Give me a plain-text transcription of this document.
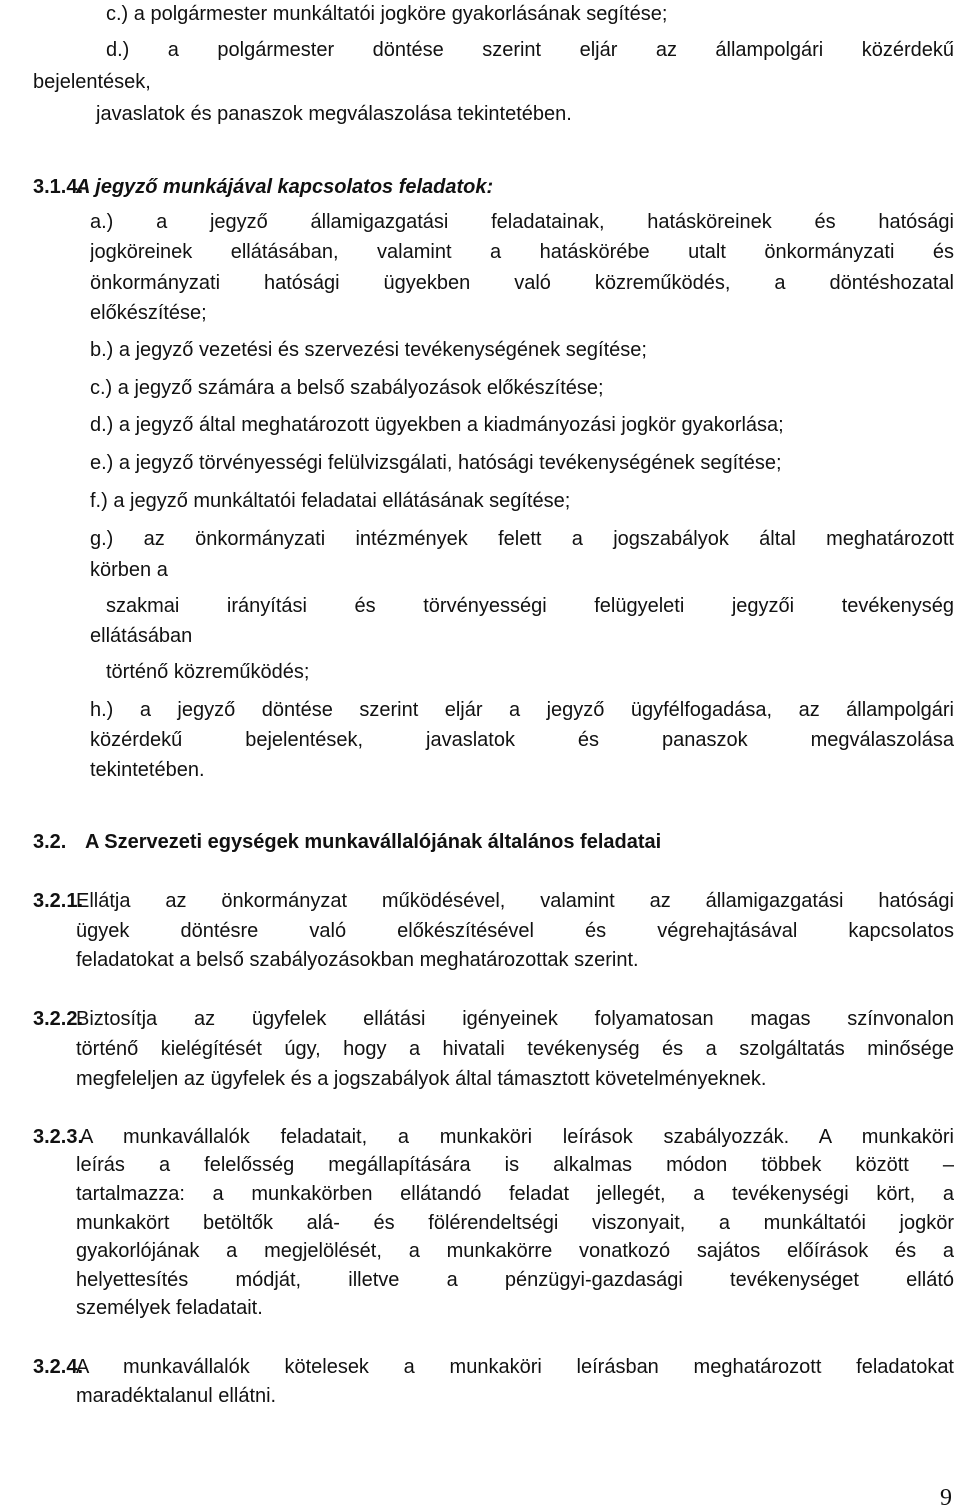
c.) a polgármester munkáltatói jogköre gyakorlásának segítése;
d.) a polgármester döntése szerint eljár az állampolgári közérdekű
bejelentések,
javaslatok és panaszok megválaszolása tekintetében.
3.1.4.
A jegyző munkájával kapcsolatos feladatok:
a.) a jegyző államigazgatási feladatainak, hatásköreinek és hatósági
jogköreinek ellátásában, valamint a hatáskörébe utalt önkormányzati és
önkormányzati hatósági ügyekben való közreműködés, a döntéshozatal
előkészítése;
b.) a jegyző vezetési és szervezési tevékenységének segítése;
c.) a jegyző számára a belső szabályozások előkészítése;
d.) a jegyző által meghatározott ügyekben a kiadmányozási jogkör gyakorlása;
e.) a jegyző törvényességi felülvizsgálati, hatósági tevékenységének segítése;
f.) a jegyző munkáltatói feladatai ellátásának segítése;
g.) az önkormányzati intézmények felett a jogszabályok által meghatározott
körben a
szakmai irányítási és törvényességi felügyeleti jegyzői tevékenység
ellátásában
történő közreműködés;
h.) a jegyző döntése szerint eljár a jegyző ügyfélfogadása, az állampolgári
közérdekű bejelentések, javaslatok és panaszok megválaszolása
tekintetében.
3.2. A Szervezeti egységek munkavállalójának általános feladatai
3.2.1.
Ellátja az önkormányzat működésével, valamint az államigazgatási hatósági
ügyek döntésre való előkészítésével és végrehajtásával kapcsolatos
feladatokat a belső szabályozásokban meghatározottak szerint.
3.2.2.
Biztosítja az ügyfelek ellátási igényeinek folyamatosan magas színvonalon
történő kielégítését úgy, hogy a hivatali tevékenység és a szolgáltatás minősége
megfeleljen az ügyfelek és a jogszabályok által támasztott követelményeknek.
3.2.3.
A munkavállalók feladatait, a munkaköri leírások szabályozzák. A munkaköri
leírás a felelősség megállapítására is alkalmas módon többek között –
tartalmazza: a munkakörben ellátandó feladat jellegét, a tevékenységi kört, a
munkakört betöltők alá- és fölérendeltségi viszonyait, a munkáltatói jogkör
gyakorlójának a megjelölését, a munkakörre vonatkozó sajátos előírások és a
helyettesítés módját, illetve a pénzügyi-gazdasági tevékenységet ellátó
személyek feladatait.
3.2.4.
A munkavállalók kötelesek a munkaköri leírásban meghatározott feladatokat
maradéktalanul ellátni.
9
